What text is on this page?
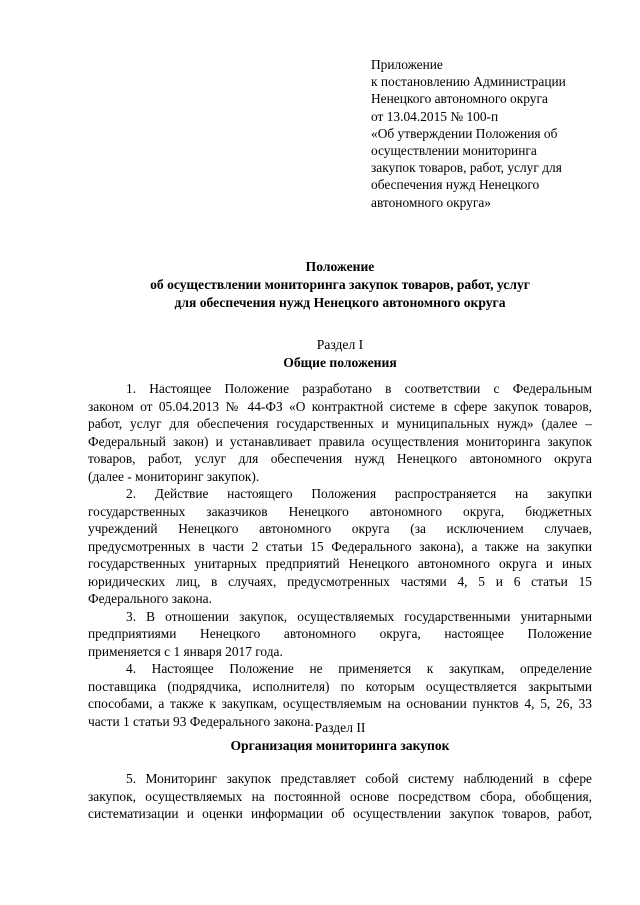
Приложение
к постановлению Администрации
Ненецкого автономного округа
от 13.04.2015 № 100-п
«Об утверждении Положения об
осуществлении мониторинга
закупок товаров, работ, услуг для
обеспечения нужд Ненецкого
автономного округа»
Положение
об осуществлении мониторинга закупок товаров, работ, услуг
для обеспечения нужд Ненецкого автономного округа
Раздел I
Общие положения
1. Настоящее Положение разработано в соответствии с Федеральным
законом от 05.04.2013 № 44-ФЗ «О контрактной системе в сфере закупок товаров,
работ, услуг для обеспечения государственных и муниципальных нужд» (далее –
Федеральный закон) и устанавливает правила осуществления мониторинга закупок
товаров, работ, услуг для обеспечения нужд Ненецкого автономного округа
(далее - мониторинг закупок).
2. Действие настоящего Положения распространяется на закупки
государственных заказчиков Ненецкого автономного округа, бюджетных
учреждений Ненецкого автономного округа (за исключением случаев,
предусмотренных в части 2 статьи 15 Федерального закона), а также на закупки
государственных унитарных предприятий Ненецкого автономного округа и иных
юридических лиц, в случаях, предусмотренных частями 4, 5 и 6 статьи 15
Федерального закона.
3. В отношении закупок, осуществляемых государственными унитарными
предприятиями Ненецкого автономного округа, настоящее Положение
применяется с 1 января 2017 года.
4. Настоящее Положение не применяется к закупкам, определение
поставщика (подрядчика, исполнителя) по которым осуществляется закрытыми
способами, а также к закупкам, осуществляемым на основании пунктов 4, 5, 26, 33
части 1 статьи 93 Федерального закона. Раздел II
Организация мониторинга закупок
5. Мониторинг закупок представляет собой систему наблюдений в сфере
закупок, осуществляемых на постоянной основе посредством сбора, обобщения,
систематизации и оценки информации об осуществлении закупок товаров, работ,
